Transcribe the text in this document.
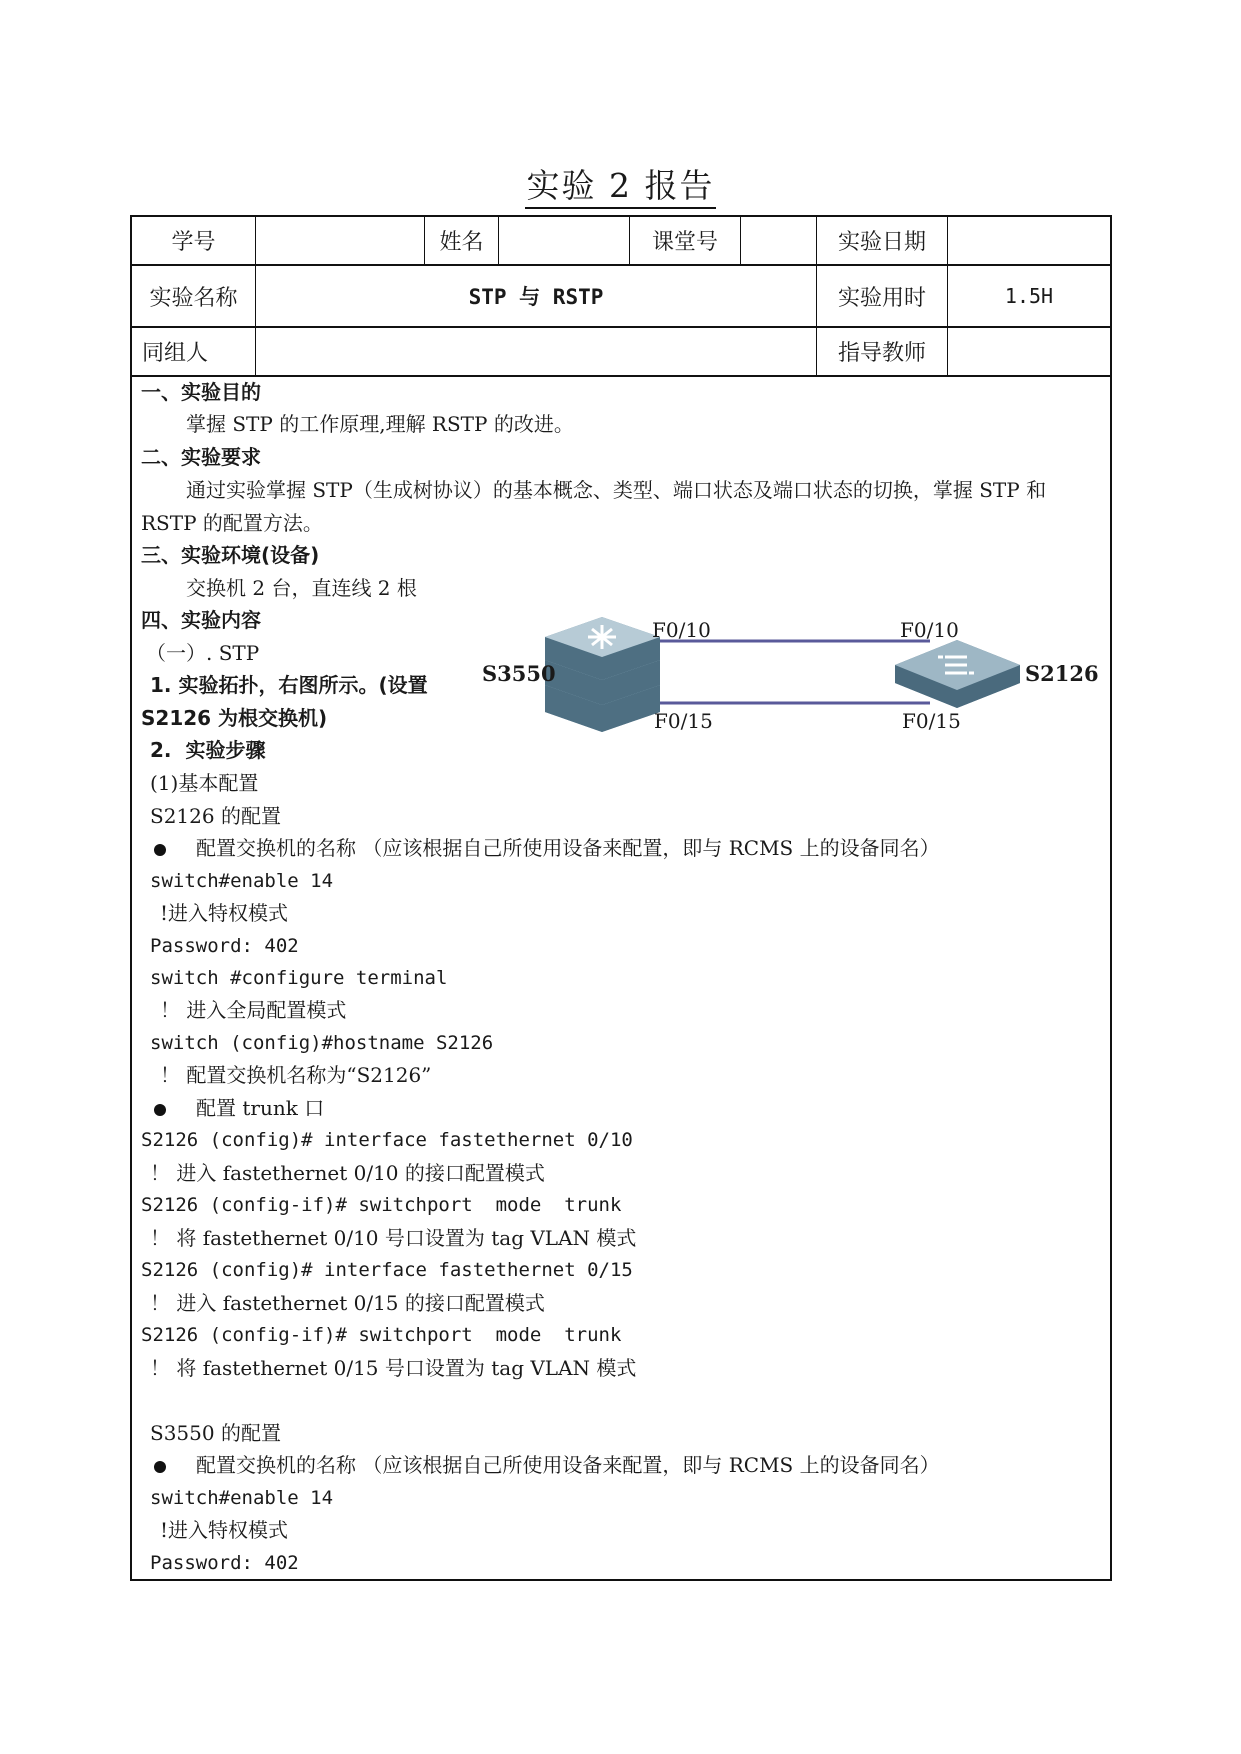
实验 2 报告
学号	姓名	课堂号	实验日期
实验名称	STP 与 RSTP	实验用时	1.5H
同组人	指导教师
一、实验目的
掌握 STP 的工作原理,理解 RSTP 的改进。
二、实验要求
通过实验掌握 STP（生成树协议）的基本概念、类型、端口状态及端口状态的切换，掌握 STP 和
RSTP 的配置方法。
三、实验环境(设备)
交换机 2 台，直连线 2 根
四、实验内容
（一）. STP
1. 实验拓扑，右图所示。(设置
S2126 为根交换机)
2.  实验步骤
(1)基本配置
S2126 的配置
配置交换机的名称 （应该根据自己所使用设备来配置，即与 RCMS 上的设备同名）
switch#enable 14
!进入特权模式
Password: 402
switch #configure terminal
！ 进入全局配置模式
switch (config)#hostname S2126
！ 配置交换机名称为“S2126”
配置 trunk 口
S2126 (config)# interface fastethernet 0/10
！ 进入 fastethernet 0/10 的接口配置模式
S2126 (config-if)# switchport  mode  trunk
！ 将 fastethernet 0/10 号口设置为 tag VLAN 模式
S2126 (config)# interface fastethernet 0/15
！ 进入 fastethernet 0/15 的接口配置模式
S2126 (config-if)# switchport  mode  trunk
！ 将 fastethernet 0/15 号口设置为 tag VLAN 模式
S3550 的配置
配置交换机的名称 （应该根据自己所使用设备来配置，即与 RCMS 上的设备同名）
switch#enable 14
!进入特权模式
Password: 402
S3550	S2126
F0/10	F0/10
F0/15	F0/15
